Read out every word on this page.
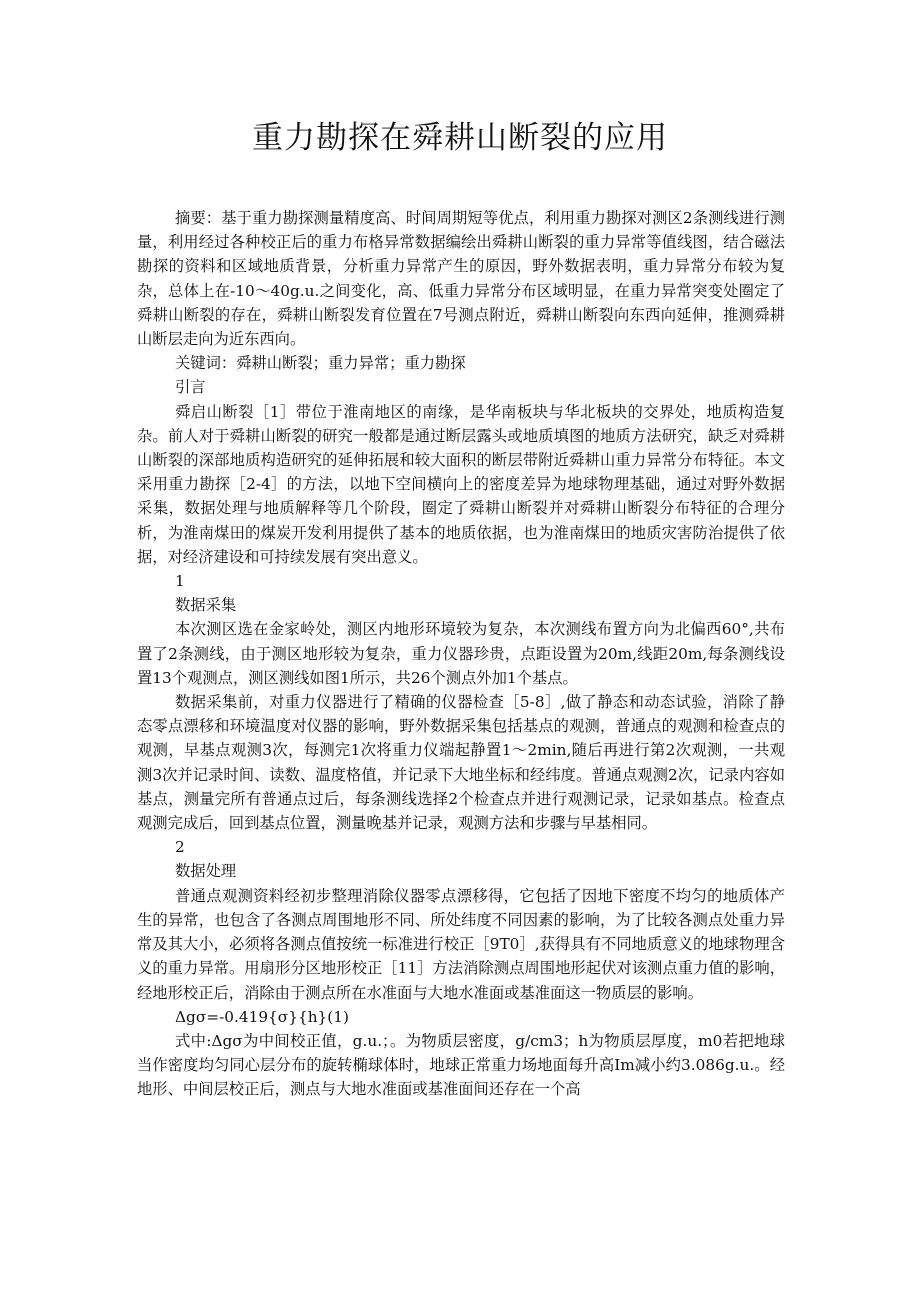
重力勘探在舜耕山断裂的应用

摘要：基于重力勘探测量精度高、时间周期短等优点，利用重力勘探对测区2条测线进行测量，利用经过各种校正后的重力布格异常数据编绘出舜耕山断裂的重力异常等值线图，结合磁法勘探的资料和区域地质背景，分析重力异常产生的原因，野外数据表明，重力异常分布较为复杂，总体上在-10～40g.u.之间变化，高、低重力异常分布区域明显，在重力异常突变处圈定了舜耕山断裂的存在，舜耕山断裂发育位置在7号测点附近，舜耕山断裂向东西向延伸，推测舜耕山断层走向为近东西向。

关键词：舜耕山断裂；重力异常；重力勘探

引言

舜启山断裂［1］带位于淮南地区的南缘，是华南板块与华北板块的交界处，地质构造复杂。前人对于舜耕山断裂的研究一般都是通过断层露头或地质填图的地质方法研究，缺乏对舜耕山断裂的深部地质构造研究的延伸拓展和较大面积的断层带附近舜耕山重力异常分布特征。本文采用重力勘探［2-4］的方法，以地下空间横向上的密度差异为地球物理基础，通过对野外数据采集，数据处理与地质解释等几个阶段，圈定了舜耕山断裂并对舜耕山断裂分布特征的合理分析，为淮南煤田的煤炭开发利用提供了基本的地质依据，也为淮南煤田的地质灾害防治提供了依据，对经济建设和可持续发展有突出意义。

1

数据采集

本次测区选在金家岭处，测区内地形环境较为复杂，本次测线布置方向为北偏西60°,共布置了2条测线，由于测区地形较为复杂，重力仪器珍贵，点距设置为20m,线距20m,每条测线设置13个观测点，测区测线如图1所示，共26个测点外加1个基点。

数据采集前，对重力仪器进行了精确的仪器检查［5-8］,做了静态和动态试验，消除了静态零点漂移和环境温度对仪器的影响，野外数据采集包括基点的观测，普通点的观测和检查点的观测，早基点观测3次，每测完1次将重力仪端起静置1～2min,随后再进行第2次观测，一共观测3次并记录时间、读数、温度格值，并记录下大地坐标和经纬度。普通点观测2次，记录内容如基点，测量完所有普通点过后，每条测线选择2个检查点并进行观测记录，记录如基点。检查点观测完成后，回到基点位置，测量晚基并记录，观测方法和步骤与早基相同。

2

数据处理

普通点观测资料经初步整理消除仪器零点漂移得，它包括了因地下密度不均匀的地质体产生的异常，也包含了各测点周围地形不同、所处纬度不同因素的影响，为了比较各测点处重力异常及其大小，必须将各测点值按统一标准进行校正［9T0］,获得具有不同地质意义的地球物理含义的重力异常。用扇形分区地形校正［11］方法消除测点周围地形起伏对该测点重力值的影响，经地形校正后，消除由于测点所在水准面与大地水准面或基准面这一物质层的影响。

Δgσ=-0.419{σ}{h}(1)

式中:Δgσ为中间校正值，g.u.；。为物质层密度，g/cm3；h为物质层厚度，m0若把地球当作密度均匀同心层分布的旋转椭球体时，地球正常重力场地面每升高Im减小约3.086g.u.。经地形、中间层校正后，测点与大地水准面或基准面间还存在一个高
